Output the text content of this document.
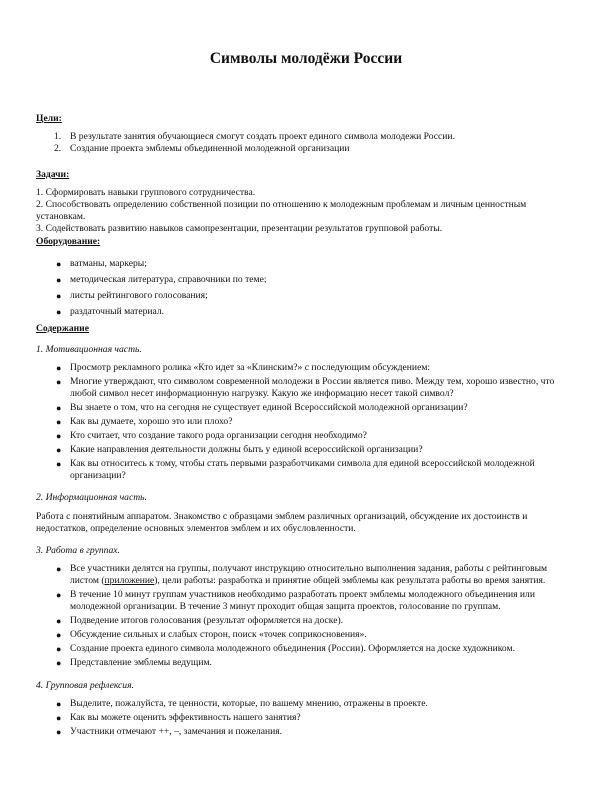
Символы молодёжи России
Цели:
1. В результате занятия обучающиеся смогут создать проект единого символа молодежи России.
2. Создание проекта эмблемы объединенной молодежной организации
Задачи:

1. Сформировать навыки группового сотрудничества.

2. Способствовать определению собственной позиции по отношению к молодежным проблемам и личным ценностным установкам.

3. Содействовать развитию навыков самопрезентации, презентации результатов групповой работы.

Оборудование:
● ватманы, маркеры;
● методическая литература, справочники по теме;
● листы рейтингового голосования;
● раздаточный материал.
Содержание
1. Мотивационная часть.
● Просмотр рекламного ролика «Кто идет за «Клинским?» с последующим обсуждением:
● Многие утверждают, что символом современной молодежи в России является пиво. Между тем, хорошо известно, что любой символ несет информационную нагрузку. Какую же информацию несет такой символ?
● Вы знаете о том, что на сегодня не существует единой Всероссийской молодежной организации?
● Как вы думаете, хорошо это или плохо?
● Кто считает, что создание такого рода организации сегодня необходимо?
● Какие направления деятельности должны быть у единой всероссийской организации?
● Как вы относитесь к тому, чтобы стать первыми разработчиками символа для единой всероссийской молодежной организации?
2. Информационная часть.

Работа с понятийным аппаратом. Знакомство с образцами эмблем различных организаций, обсуждение их достоинств и недостатков, определение основных элементов эмблем и их обусловленности.

3. Работа в группах.
● Все участники делятся на группы, получают инструкцию относительно выполнения задания, работы с рейтинговым листом (приложение), цели работы: разработка и принятие общей эмблемы как результата работы во время занятия.
● В течение 10 минут группам участников необходимо разработать проект эмблемы молодежного объединения или молодежной организации. В течение 3 минут проходит общая защита проектов, голосование по группам.
● Подведение итогов голосования (результат оформляется на доске).
● Обсуждение сильных и слабых сторон, поиск «точек соприкосновения».
● Создание проекта единого символа молодежного объединения (России). Оформляется на доске художником.
● Представление эмблемы ведущим.
4. Групповая рефлексия.
● Выделите, пожалуйста, те ценности, которые, по вашему мнению, отражены в проекте.
● Как вы можете оценить эффективность нашего занятия?
● Участники отмечают ++, –, замечания и пожелания.
